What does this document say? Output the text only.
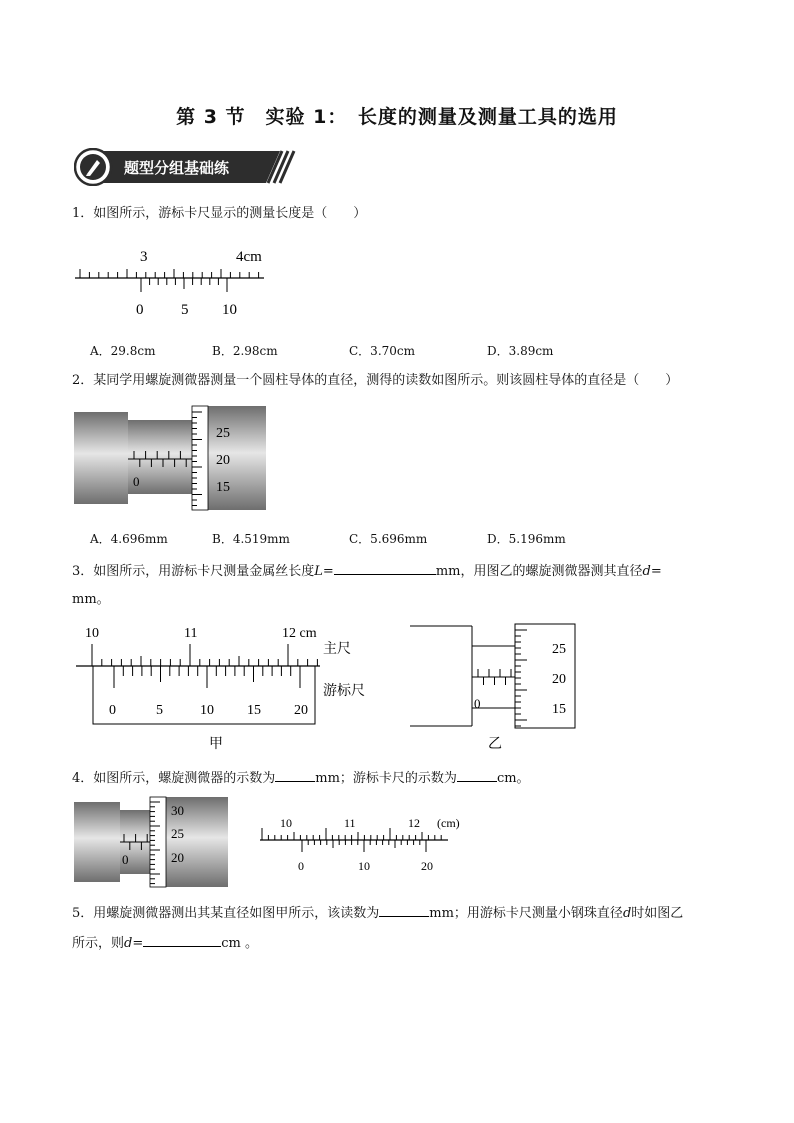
第 3 节　实验 1：　长度的测量及测量工具的选用
题型分组基础练
1．如图所示，游标卡尺显示的测量长度是（　　）
3	4cm
0	5 10
A．29.8cm	B．2.98cm	C．3.70cm	D．3.89cm
2．某同学用螺旋测微器测量一个圆柱导体的直径，测得的读数如图所示。则该圆柱导体的直径是（　　）
0
25
20
15
A．4.696mm	B．4.519mm	C．5.696mm	D．5.196mm
3．如图所示，用游标卡尺测量金属丝长度L=	mm，用图乙的螺旋测微器测其直径d=
mm。
10	11	12 cm
0	5	10 15 20
主尺
游标尺
甲
0
25
20
15
乙
4．如图所示，螺旋测微器的示数为	mm；游标卡尺的示数为	cm。
0
30
25
20
10	11	12 (cm)
0	10	20
5．用螺旋测微器测出其某直径如图甲所示，该读数为	mm；用游标卡尺测量小钢珠直径d时如图乙
所示，则d=	cm 。
